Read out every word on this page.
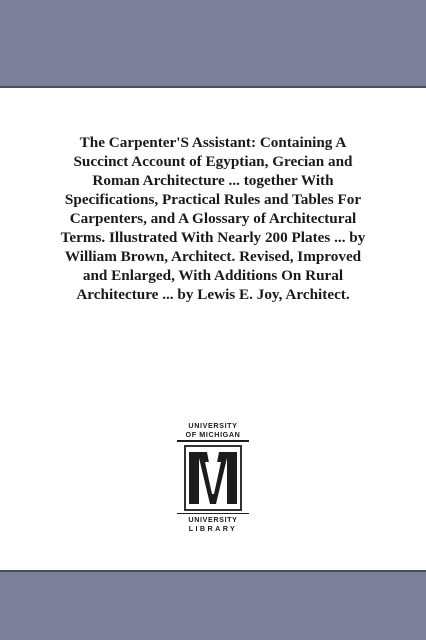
The Carpenter'S Assistant: Containing A Succinct Account of Egyptian, Grecian and Roman Architecture ... together With Specifications, Practical Rules and Tables For Carpenters, and A Glossary of Architectural Terms. Illustrated With Nearly 200 Plates ... by William Brown, Architect. Revised, Improved and Enlarged, With Additions On Rural Architecture ... by Lewis E. Joy, Architect.

UNIVERSITY
OF MICHIGAN
UNIVERSITY
LIBRARY
